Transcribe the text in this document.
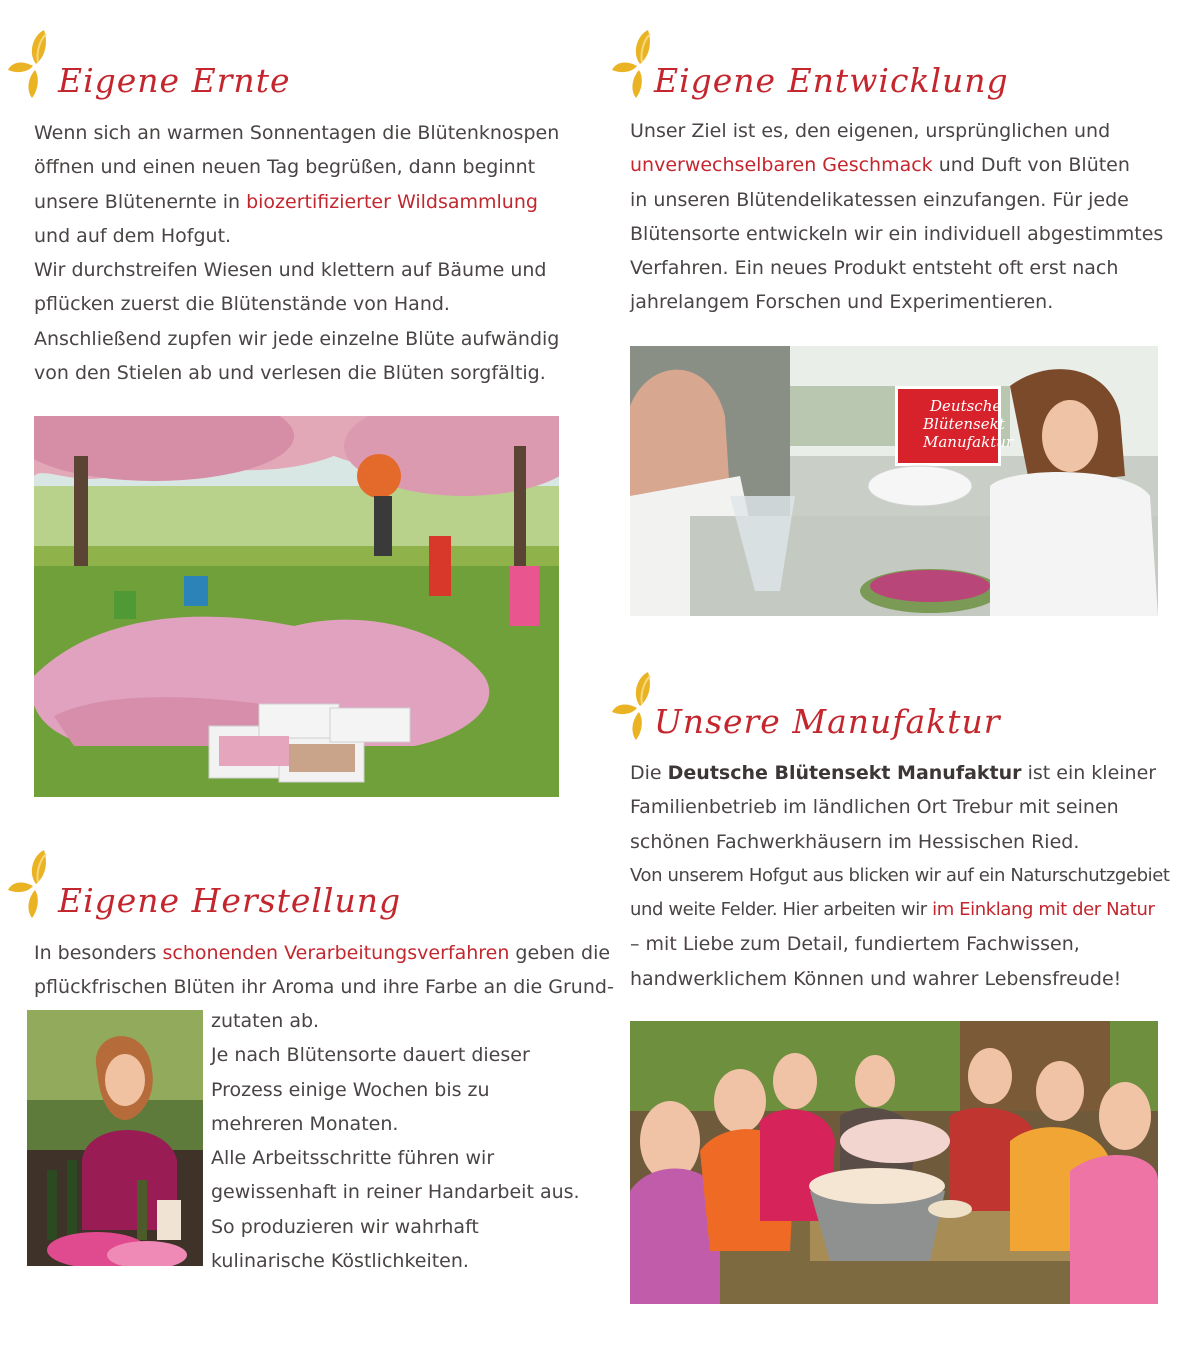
Eigene Ernte
Wenn sich an warmen Sonnentagen die Blütenknospen
öffnen und einen neuen Tag begrüßen, dann beginnt
unsere Blütenernte in biozertifizierter Wildsammlung
und auf dem Hofgut.
Wir durchstreifen Wiesen und klettern auf Bäume und
pflücken zuerst die Blütenstände von Hand.
Anschließend zupfen wir jede einzelne Blüte aufwändig
von den Stielen ab und verlesen die Blüten sorgfältig.
Eigene Herstellung
In besonders schonenden Verarbeitungsverfahren geben die
pflückfrischen Blüten ihr Aroma und ihre Farbe an die Grund-
zutaten ab.
Je nach Blütensorte dauert dieser
Prozess einige Wochen bis zu
mehreren Monaten.
Alle Arbeitsschritte führen wir
gewissenhaft in reiner Handarbeit aus.
So produzieren wir wahrhaft
kulinarische Köstlichkeiten.
Eigene Entwicklung
Unser Ziel ist es, den eigenen, ursprünglichen und
unverwechselbaren Geschmack und Duft von Blüten
in unseren Blütendelikatessen einzufangen. Für jede
Blütensorte entwickeln wir ein individuell abgestimmtes
Verfahren. Ein neues Produkt entsteht oft erst nach
jahrelangem Forschen und Experimentieren.
Deutsche
Blütensekt
Manufaktur
Unsere Manufaktur
Die Deutsche Blütensekt Manufaktur ist ein kleiner
Familienbetrieb im ländlichen Ort Trebur mit seinen
schönen Fachwerkhäusern im Hessischen Ried.
Von unserem Hofgut aus blicken wir auf ein Naturschutzgebiet
und weite Felder. Hier arbeiten wir im Einklang mit der Natur
– mit Liebe zum Detail, fundiertem Fachwissen,
handwerklichem Können und wahrer Lebensfreude!
